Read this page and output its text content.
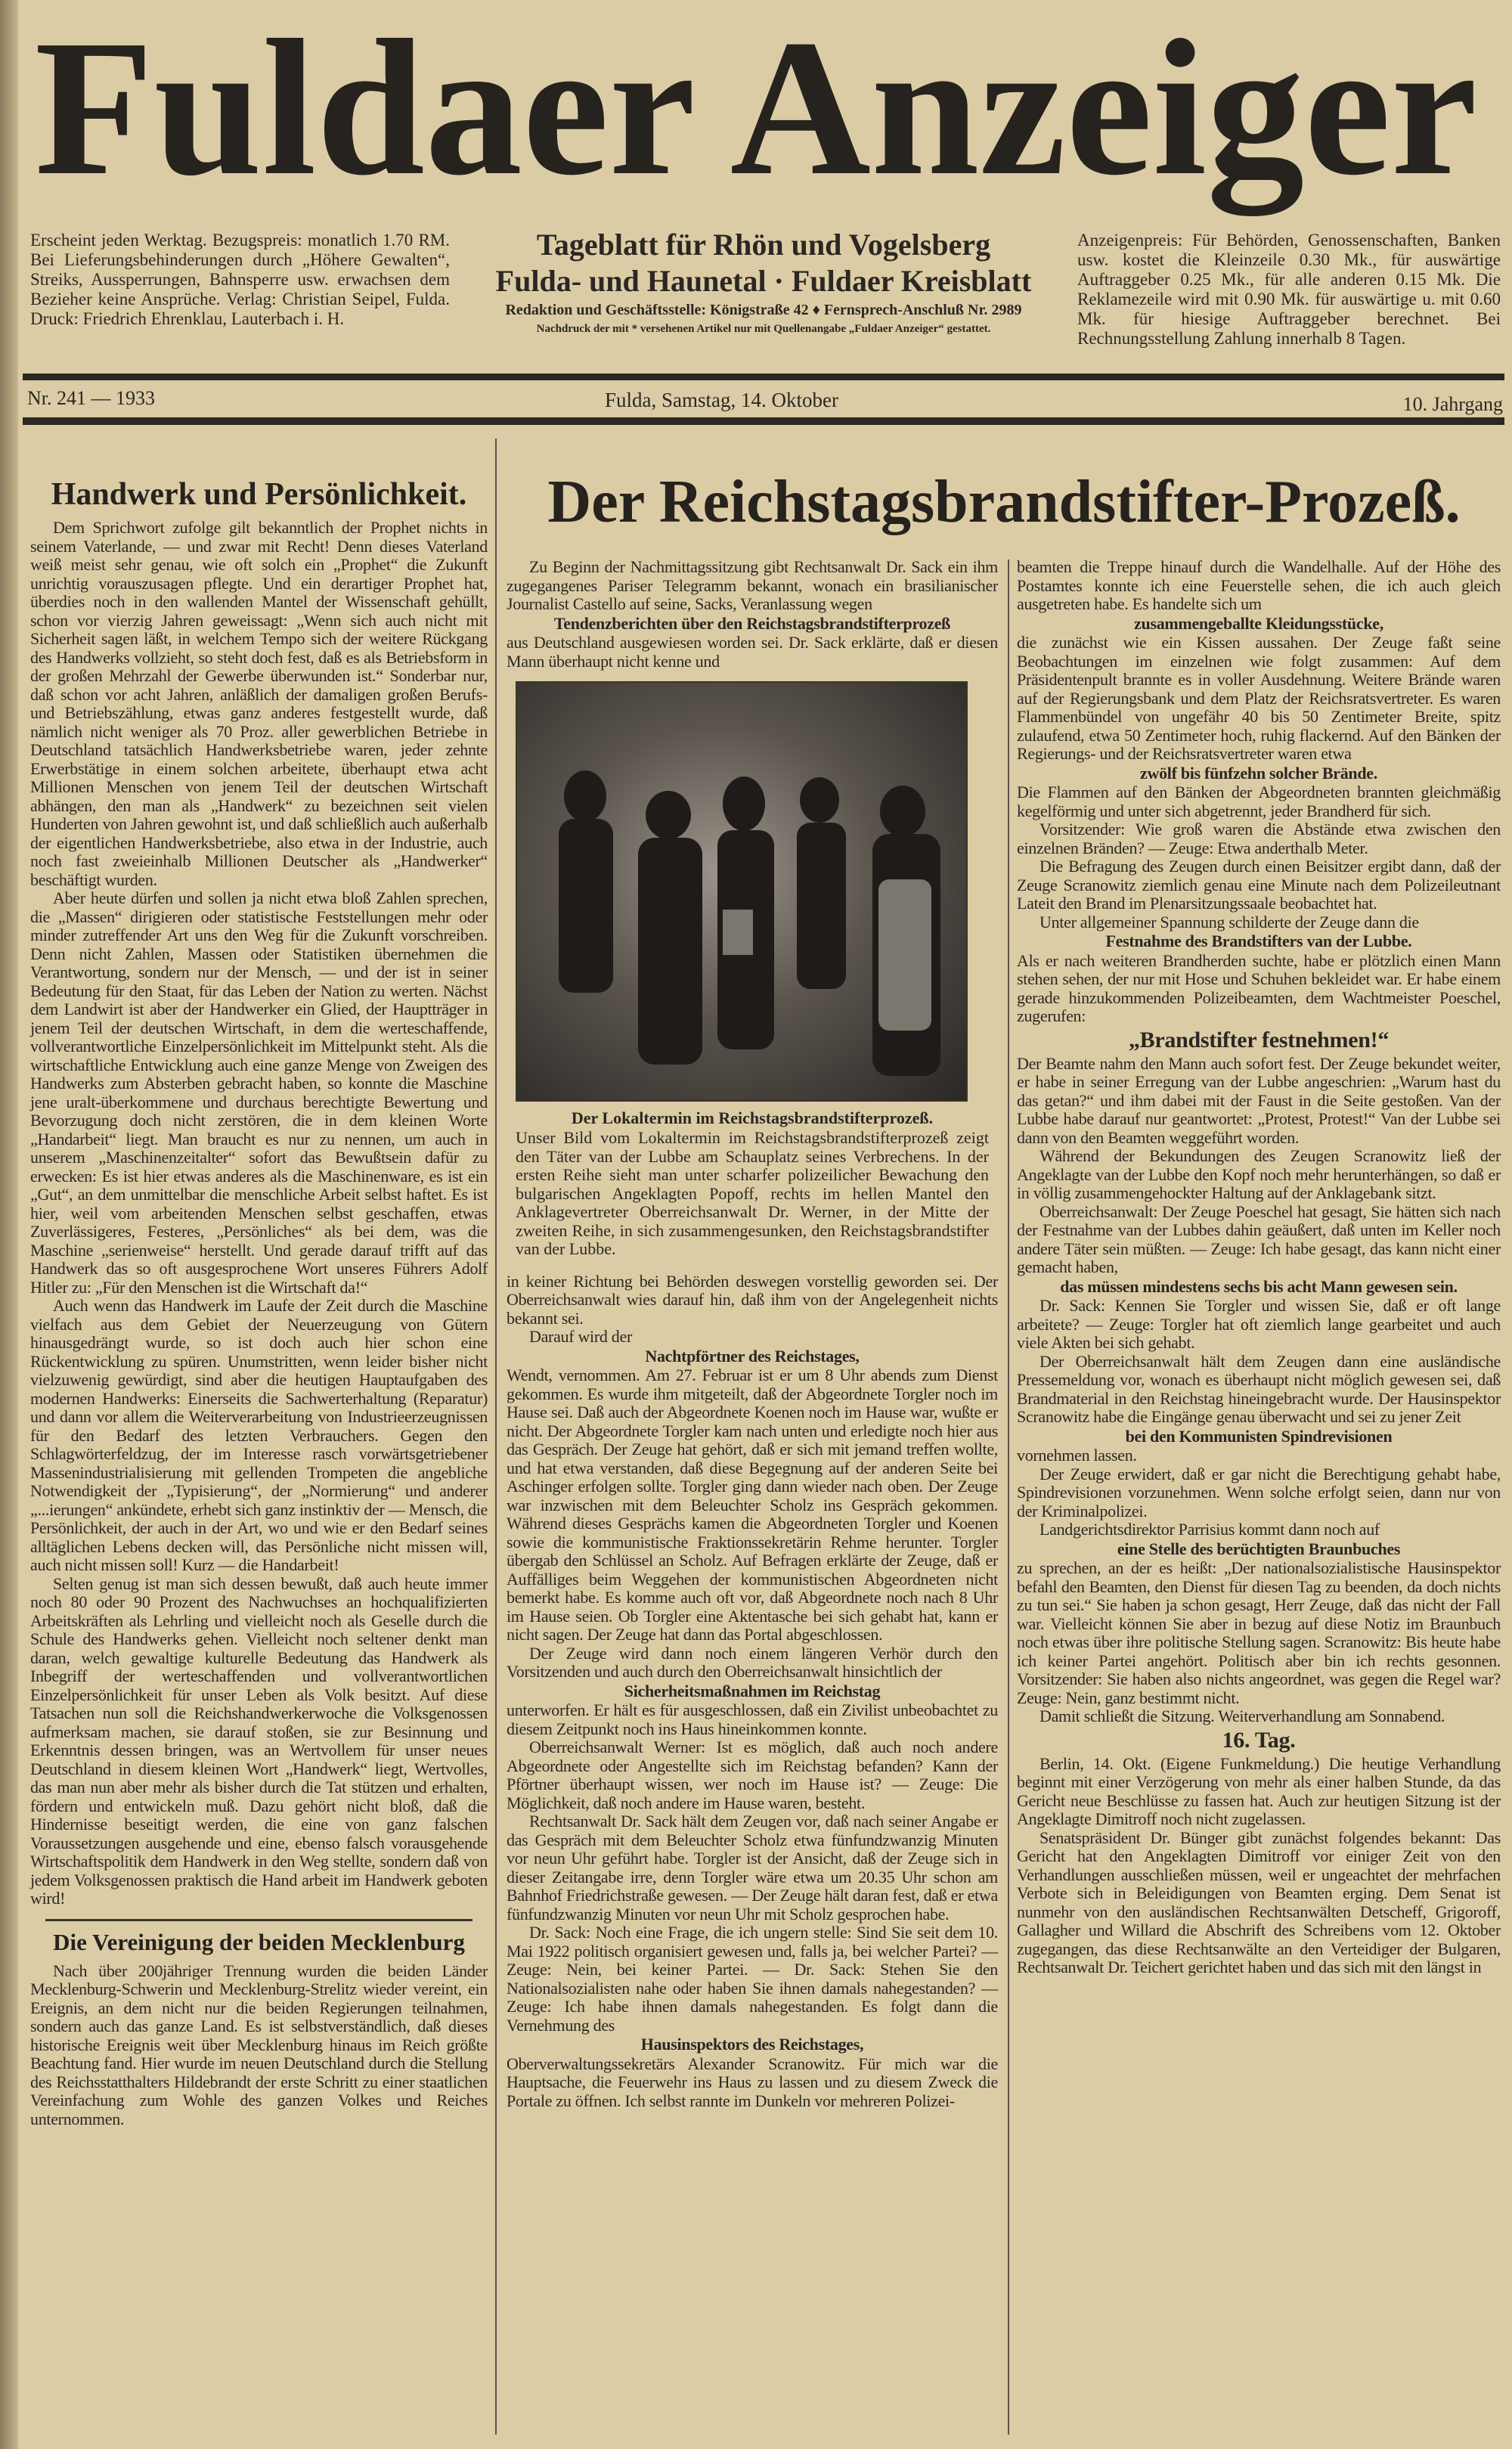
Fuldaer Anzeiger
Erscheint jeden Werktag. Bezugspreis: monatlich 1.70 RM. Bei Lieferungsbehinderungen durch „Höhere Gewalten“, Streiks, Aussperrungen, Bahnsperre usw. erwachsen dem Bezieher keine Ansprüche. Verlag: Christian Seipel, Fulda. Druck: Friedrich Ehrenklau, Lauterbach i. H.
Tageblatt für Rhön und Vogelsberg
Fulda- und Haunetal · Fuldaer Kreisblatt
Redaktion und Geschäftsstelle: Königstraße 42 ♦ Fernsprech-Anschluß Nr. 2989
Nachdruck der mit * versehenen Artikel nur mit Quellenangabe „Fuldaer Anzeiger“ gestattet.
Anzeigenpreis: Für Behörden, Genossenschaften, Banken usw. kostet die Kleinzeile 0.30 Mk., für auswärtige Auftraggeber 0.25 Mk., für alle anderen 0.15 Mk. Die Reklamezeile wird mit 0.90 Mk. für auswärtige u. mit 0.60 Mk. für hiesige Auftraggeber berechnet. Bei Rechnungsstellung Zahlung innerhalb 8 Tagen.
Nr. 241 — 1933	Fulda, Samstag, 14. Oktober	10. Jahrgang
Handwerk und Persönlichkeit.

Dem Sprichwort zufolge gilt bekanntlich der Prophet nichts in seinem Vaterlande, — und zwar mit Recht! Denn dieses Vaterland weiß meist sehr genau, wie oft solch ein „Prophet“ die Zukunft unrichtig vorauszusagen pflegte. Und ein derartiger Prophet hat, überdies noch in den wallenden Mantel der Wissenschaft gehüllt, schon vor vierzig Jahren geweissagt: „Wenn sich auch nicht mit Sicherheit sagen läßt, in welchem Tempo sich der weitere Rückgang des Handwerks vollzieht, so steht doch fest, daß es als Betriebsform in der großen Mehrzahl der Gewerbe überwunden ist.“ Sonderbar nur, daß schon vor acht Jahren, anläßlich der damaligen großen Berufs- und Betriebszählung, etwas ganz anderes festgestellt wurde, daß nämlich nicht weniger als 70 Proz. aller gewerblichen Betriebe in Deutschland tatsächlich Handwerksbetriebe waren, jeder zehnte Erwerbstätige in einem solchen arbeitete, überhaupt etwa acht Millionen Menschen von jenem Teil der deutschen Wirtschaft abhängen, den man als „Handwerk“ zu bezeichnen seit vielen Hunderten von Jahren gewohnt ist, und daß schließlich auch außerhalb der eigentlichen Handwerksbetriebe, also etwa in der Industrie, auch noch fast zweieinhalb Millionen Deutscher als „Handwerker“ beschäftigt wurden.

Aber heute dürfen und sollen ja nicht etwa bloß Zahlen sprechen, die „Massen“ dirigieren oder statistische Feststellungen mehr oder minder zutreffender Art uns den Weg für die Zukunft vorschreiben. Denn nicht Zahlen, Massen oder Statistiken übernehmen die Verantwortung, sondern nur der Mensch, — und der ist in seiner Bedeutung für den Staat, für das Leben der Nation zu werten. Nächst dem Landwirt ist aber der Handwerker ein Glied, der Hauptträger in jenem Teil der deutschen Wirtschaft, in dem die werteschaffende, vollverantwortliche Einzelpersönlichkeit im Mittelpunkt steht. Als die wirtschaftliche Entwicklung auch eine ganze Menge von Zweigen des Handwerks zum Absterben gebracht haben, so konnte die Maschine jene uralt-überkommene und durchaus berechtigte Bewertung und Bevorzugung doch nicht zerstören, die in dem kleinen Worte „Handarbeit“ liegt. Man braucht es nur zu nennen, um auch in unserem „Maschinenzeitalter“ sofort das Bewußtsein dafür zu erwecken: Es ist hier etwas anderes als die Maschinenware, es ist ein „Gut“, an dem unmittelbar die menschliche Arbeit selbst haftet. Es ist hier, weil vom arbeitenden Menschen selbst geschaffen, etwas Zuverlässigeres, Festeres, „Persönliches“ als bei dem, was die Maschine „serienweise“ herstellt. Und gerade darauf trifft auf das Handwerk das so oft ausgesprochene Wort unseres Führers Adolf Hitler zu: „Für den Menschen ist die Wirtschaft da!“

Auch wenn das Handwerk im Laufe der Zeit durch die Maschine vielfach aus dem Gebiet der Neuerzeugung von Gütern hinausgedrängt wurde, so ist doch auch hier schon eine Rückentwicklung zu spüren. Unumstritten, wenn leider bisher nicht vielzuwenig gewürdigt, sind aber die heutigen Hauptaufgaben des modernen Handwerks: Einerseits die Sachwerterhaltung (Reparatur) und dann vor allem die Weiterverarbeitung von Industrieerzeugnissen für den Bedarf des letzten Verbrauchers. Gegen den Schlagwörterfeldzug, der im Interesse rasch vorwärtsgetriebener Massenindustrialisierung mit gellenden Trompeten die angebliche Notwendigkeit der „Typisierung“, der „Normierung“ und anderer „...ierungen“ ankündete, erhebt sich ganz instinktiv der — Mensch, die Persönlichkeit, der auch in der Art, wo und wie er den Bedarf seines alltäglichen Lebens decken will, das Persönliche nicht missen will, auch nicht missen soll! Kurz — die Handarbeit!

Selten genug ist man sich dessen bewußt, daß auch heute immer noch 80 oder 90 Prozent des Nachwuchses an hochqualifizierten Arbeitskräften als Lehrling und vielleicht noch als Geselle durch die Schule des Handwerks gehen. Vielleicht noch seltener denkt man daran, welch gewaltige kulturelle Bedeutung das Handwerk als Inbegriff der werteschaffenden und vollverantwortlichen Einzelpersönlichkeit für unser Leben als Volk besitzt. Auf diese Tatsachen nun soll die Reichshandwerkerwoche die Volksgenossen aufmerksam machen, sie darauf stoßen, sie zur Besinnung und Erkenntnis dessen bringen, was an Wertvollem für unser neues Deutschland in diesem kleinen Wort „Handwerk“ liegt, Wertvolles, das man nun aber mehr als bisher durch die Tat stützen und erhalten, fördern und entwickeln muß. Dazu gehört nicht bloß, daß die Hindernisse beseitigt werden, die eine von ganz falschen Voraussetzungen ausgehende und eine, ebenso falsch vorausgehende Wirtschaftspolitik dem Handwerk in den Weg stellte, sondern daß von jedem Volksgenossen praktisch die Hand arbeit im Handwerk geboten wird!

Die Vereinigung der beiden Mecklenburg

Nach über 200jähriger Trennung wurden die beiden Länder Mecklenburg-Schwerin und Mecklenburg-Strelitz wieder vereint, ein Ereignis, an dem nicht nur die beiden Regierungen teilnahmen, sondern auch das ganze Land. Es ist selbstverständlich, daß dieses historische Ereignis weit über Mecklenburg hinaus im Reich größte Beachtung fand. Hier wurde im neuen Deutschland durch die Stellung des Reichsstatthalters Hildebrandt der erste Schritt zu einer staatlichen Vereinfachung zum Wohle des ganzen Volkes und Reiches unternommen.

Der Reichstagsbrandstifter-Prozeß.

Zu Beginn der Nachmittagssitzung gibt Rechtsanwalt Dr. Sack ein ihm zugegangenes Pariser Telegramm bekannt, wonach ein brasilianischer Journalist Castello auf seine, Sacks, Veranlassung wegen

Tendenzberichten über den Reichstagsbrandstifterprozeß

aus Deutschland ausgewiesen worden sei. Dr. Sack erklärte, daß er diesen Mann überhaupt nicht kenne und

Der Lokaltermin im Reichstagsbrandstifterprozeß.
Unser Bild vom Lokaltermin im Reichstagsbrandstifterprozeß zeigt den Täter van der Lubbe am Schauplatz seines Verbrechens. In der ersten Reihe sieht man unter scharfer polizeilicher Bewachung den bulgarischen Angeklagten Popoff, rechts im hellen Mantel den Anklagevertreter Oberreichsanwalt Dr. Werner, in der Mitte der zweiten Reihe, in sich zusammengesunken, den Reichstagsbrandstifter van der Lubbe.

in keiner Richtung bei Behörden deswegen vorstellig geworden sei. Der Oberreichsanwalt wies darauf hin, daß ihm von der Angelegenheit nichts bekannt sei.

Darauf wird der

Nachtpförtner des Reichstages,

Wendt, vernommen. Am 27. Februar ist er um 8 Uhr abends zum Dienst gekommen. Es wurde ihm mitgeteilt, daß der Abgeordnete Torgler noch im Hause sei. Daß auch der Abgeordnete Koenen noch im Hause war, wußte er nicht. Der Abgeordnete Torgler kam nach unten und erledigte noch hier aus das Gespräch. Der Zeuge hat gehört, daß er sich mit jemand treffen wollte, und hat etwa verstanden, daß diese Begegnung auf der anderen Seite bei Aschinger erfolgen sollte. Torgler ging dann wieder nach oben. Der Zeuge war inzwischen mit dem Beleuchter Scholz ins Gespräch gekommen. Während dieses Gesprächs kamen die Abgeordneten Torgler und Koenen sowie die kommunistische Fraktionssekretärin Rehme herunter. Torgler übergab den Schlüssel an Scholz. Auf Befragen erklärte der Zeuge, daß er Auffälliges beim Weggehen der kommunistischen Abgeordneten nicht bemerkt habe. Es komme auch oft vor, daß Abgeordnete noch nach 8 Uhr im Hause seien. Ob Torgler eine Aktentasche bei sich gehabt hat, kann er nicht sagen. Der Zeuge hat dann das Portal abgeschlossen.

Der Zeuge wird dann noch einem längeren Verhör durch den Vorsitzenden und auch durch den Oberreichsanwalt hinsichtlich der

Sicherheitsmaßnahmen im Reichstag

unterworfen. Er hält es für ausgeschlossen, daß ein Zivilist unbeobachtet zu diesem Zeitpunkt noch ins Haus hineinkommen konnte.

Oberreichsanwalt Werner: Ist es möglich, daß auch noch andere Abgeordnete oder Angestellte sich im Reichstag befanden? Kann der Pförtner überhaupt wissen, wer noch im Hause ist? — Zeuge: Die Möglichkeit, daß noch andere im Hause waren, besteht.

Rechtsanwalt Dr. Sack hält dem Zeugen vor, daß nach seiner Angabe er das Gespräch mit dem Beleuchter Scholz etwa fünfundzwanzig Minuten vor neun Uhr geführt habe. Torgler ist der Ansicht, daß der Zeuge sich in dieser Zeitangabe irre, denn Torgler wäre etwa um 20.35 Uhr schon am Bahnhof Friedrichstraße gewesen. — Der Zeuge hält daran fest, daß er etwa fünfundzwanzig Minuten vor neun Uhr mit Scholz gesprochen habe.

Dr. Sack: Noch eine Frage, die ich ungern stelle: Sind Sie seit dem 10. Mai 1922 politisch organisiert gewesen und, falls ja, bei welcher Partei? — Zeuge: Nein, bei keiner Partei. — Dr. Sack: Stehen Sie den Nationalsozialisten nahe oder haben Sie ihnen damals nahegestanden? — Zeuge: Ich habe ihnen damals nahegestanden. Es folgt dann die Vernehmung des

Hausinspektors des Reichstages,

Oberverwaltungssekretärs Alexander Scranowitz. Für mich war die Hauptsache, die Feuerwehr ins Haus zu lassen und zu diesem Zweck die Portale zu öffnen. Ich selbst rannte im Dunkeln vor mehreren Polizei-

beamten die Treppe hinauf durch die Wandelhalle. Auf der Höhe des Postamtes konnte ich eine Feuerstelle sehen, die ich auch gleich ausgetreten habe. Es handelte sich um

zusammengeballte Kleidungsstücke,

die zunächst wie ein Kissen aussahen. Der Zeuge faßt seine Beobachtungen im einzelnen wie folgt zusammen: Auf dem Präsidentenpult brannte es in voller Ausdehnung. Weitere Brände waren auf der Regierungsbank und dem Platz der Reichsratsvertreter. Es waren Flammenbündel von ungefähr 40 bis 50 Zentimeter Breite, spitz zulaufend, etwa 50 Zentimeter hoch, ruhig flackernd. Auf den Bänken der Regierungs- und der Reichsratsvertreter waren etwa

zwölf bis fünfzehn solcher Brände.

Die Flammen auf den Bänken der Abgeordneten brannten gleichmäßig kegelförmig und unter sich abgetrennt, jeder Brandherd für sich.

Vorsitzender: Wie groß waren die Abstände etwa zwischen den einzelnen Bränden? — Zeuge: Etwa anderthalb Meter.

Die Befragung des Zeugen durch einen Beisitzer ergibt dann, daß der Zeuge Scranowitz ziemlich genau eine Minute nach dem Polizeileutnant Lateit den Brand im Plenarsitzungssaale beobachtet hat.

Unter allgemeiner Spannung schilderte der Zeuge dann die

Festnahme des Brandstifters van der Lubbe.

Als er nach weiteren Brandherden suchte, habe er plötzlich einen Mann stehen sehen, der nur mit Hose und Schuhen bekleidet war. Er habe einem gerade hinzukommenden Polizeibeamten, dem Wachtmeister Poeschel, zugerufen:

„Brandstifter festnehmen!“

Der Beamte nahm den Mann auch sofort fest. Der Zeuge bekundet weiter, er habe in seiner Erregung van der Lubbe angeschrien: „Warum hast du das getan?“ und ihm dabei mit der Faust in die Seite gestoßen. Van der Lubbe habe darauf nur geantwortet: „Protest, Protest!“ Van der Lubbe sei dann von den Beamten weggeführt worden.

Während der Bekundungen des Zeugen Scranowitz ließ der Angeklagte van der Lubbe den Kopf noch mehr herunterhängen, so daß er in völlig zusammengehockter Haltung auf der Anklagebank sitzt.

Oberreichsanwalt: Der Zeuge Poeschel hat gesagt, Sie hätten sich nach der Festnahme van der Lubbes dahin geäußert, daß unten im Keller noch andere Täter sein müßten. — Zeuge: Ich habe gesagt, das kann nicht einer gemacht haben,

das müssen mindestens sechs bis acht Mann gewesen sein.

Dr. Sack: Kennen Sie Torgler und wissen Sie, daß er oft lange arbeitete? — Zeuge: Torgler hat oft ziemlich lange gearbeitet und auch viele Akten bei sich gehabt.

Der Oberreichsanwalt hält dem Zeugen dann eine ausländische Pressemeldung vor, wonach es überhaupt nicht möglich gewesen sei, daß Brandmaterial in den Reichstag hineingebracht wurde. Der Hausinspektor Scranowitz habe die Eingänge genau überwacht und sei zu jener Zeit

bei den Kommunisten Spindrevisionen

vornehmen lassen.

Der Zeuge erwidert, daß er gar nicht die Berechtigung gehabt habe, Spindrevisionen vorzunehmen. Wenn solche erfolgt seien, dann nur von der Kriminalpolizei.

Landgerichtsdirektor Parrisius kommt dann noch auf

eine Stelle des berüchtigten Braunbuches

zu sprechen, an der es heißt: „Der nationalsozialistische Hausinspektor befahl den Beamten, den Dienst für diesen Tag zu beenden, da doch nichts zu tun sei.“ Sie haben ja schon gesagt, Herr Zeuge, daß das nicht der Fall war. Vielleicht können Sie aber in bezug auf diese Notiz im Braunbuch noch etwas über ihre politische Stellung sagen. Scranowitz: Bis heute habe ich keiner Partei angehört. Politisch aber bin ich rechts gesonnen. Vorsitzender: Sie haben also nichts angeordnet, was gegen die Regel war? Zeuge: Nein, ganz bestimmt nicht.

Damit schließt die Sitzung. Weiterverhandlung am Sonnabend.

16. Tag.

Berlin, 14. Okt. (Eigene Funkmeldung.) Die heutige Verhandlung beginnt mit einer Verzögerung von mehr als einer halben Stunde, da das Gericht neue Beschlüsse zu fassen hat. Auch zur heutigen Sitzung ist der Angeklagte Dimitroff noch nicht zugelassen.

Senatspräsident Dr. Bünger gibt zunächst folgendes bekannt: Das Gericht hat den Angeklagten Dimitroff vor einiger Zeit von den Verhandlungen ausschließen müssen, weil er ungeachtet der mehrfachen Verbote sich in Beleidigungen von Beamten erging. Dem Senat ist nunmehr von den ausländischen Rechtsanwälten Detscheff, Grigoroff, Gallagher und Willard die Abschrift des Schreibens vom 12. Oktober zugegangen, das diese Rechtsanwälte an den Verteidiger der Bulgaren, Rechtsanwalt Dr. Teichert gerichtet haben und das sich mit den längst in
